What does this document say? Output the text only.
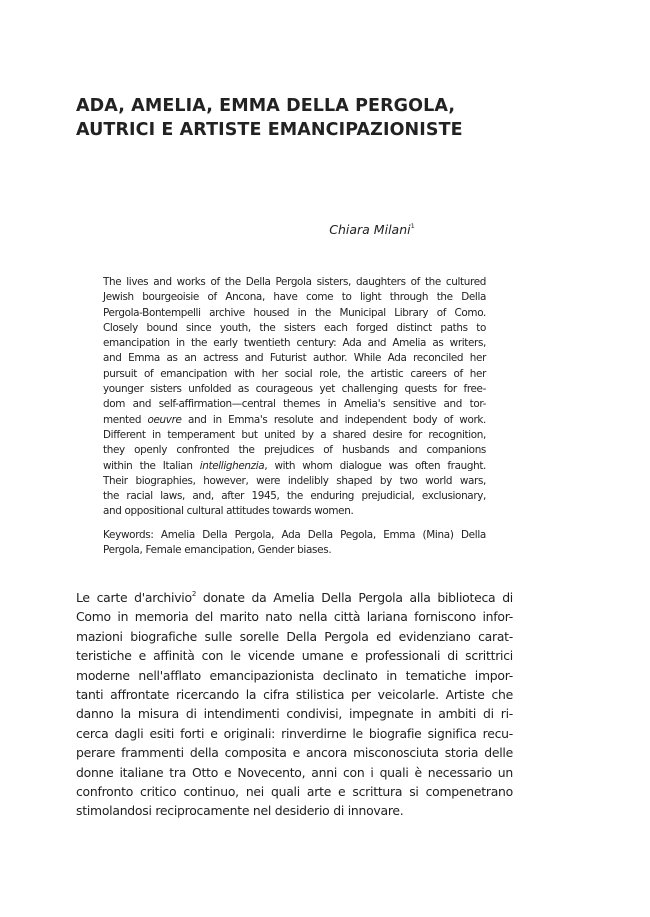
ADA, AMELIA, EMMA DELLA PERGOLA,
AUTRICI E ARTISTE EMANCIPAZIONISTE
Chiara Milani$^1$
The lives and works of the Della Pergola sisters, daughters of the cultured
Jewish bourgeoisie of Ancona, have come to light through the Della
Pergola-Bontempelli archive housed in the Municipal Library of Como.
Closely bound since youth, the sisters each forged distinct paths to
emancipation in the early twentieth century: Ada and Amelia as writers,
and Emma as an actress and Futurist author. While Ada reconciled her
pursuit of emancipation with her social role, the artistic careers of her
younger sisters unfolded as courageous yet challenging quests for free-
dom and self-affirmation—central themes in Amelia's sensitive and tor-
mented oeuvre and in Emma's resolute and independent body of work.
Different in temperament but united by a shared desire for recognition,
they openly confronted the prejudices of husbands and companions
within the Italian intellighenzia, with whom dialogue was often fraught.
Their biographies, however, were indelibly shaped by two world wars,
the racial laws, and, after 1945, the enduring prejudicial, exclusionary,
and oppositional cultural attitudes towards women.
Keywords: Amelia Della Pergola, Ada Della Pegola, Emma (Mina) Della
Pergola, Female emancipation, Gender biases.
Le carte d'archivio$^2$ donate da Amelia Della Pergola alla biblioteca di
Como in memoria del marito nato nella città lariana forniscono infor-
mazioni biografiche sulle sorelle Della Pergola ed evidenziano carat-
teristiche e affinità con le vicende umane e professionali di scrittrici
moderne nell'afflato emancipazionista declinato in tematiche impor-
tanti affrontate ricercando la cifra stilistica per veicolarle. Artiste che
danno la misura di intendimenti condivisi, impegnate in ambiti di ri-
cerca dagli esiti forti e originali: rinverdirne le biografie significa recu-
perare frammenti della composita e ancora misconosciuta storia delle
donne italiane tra Otto e Novecento, anni con i quali è necessario un
confronto critico continuo, nei quali arte e scrittura si compenetrano
stimolandosi reciprocamente nel desiderio di innovare.
